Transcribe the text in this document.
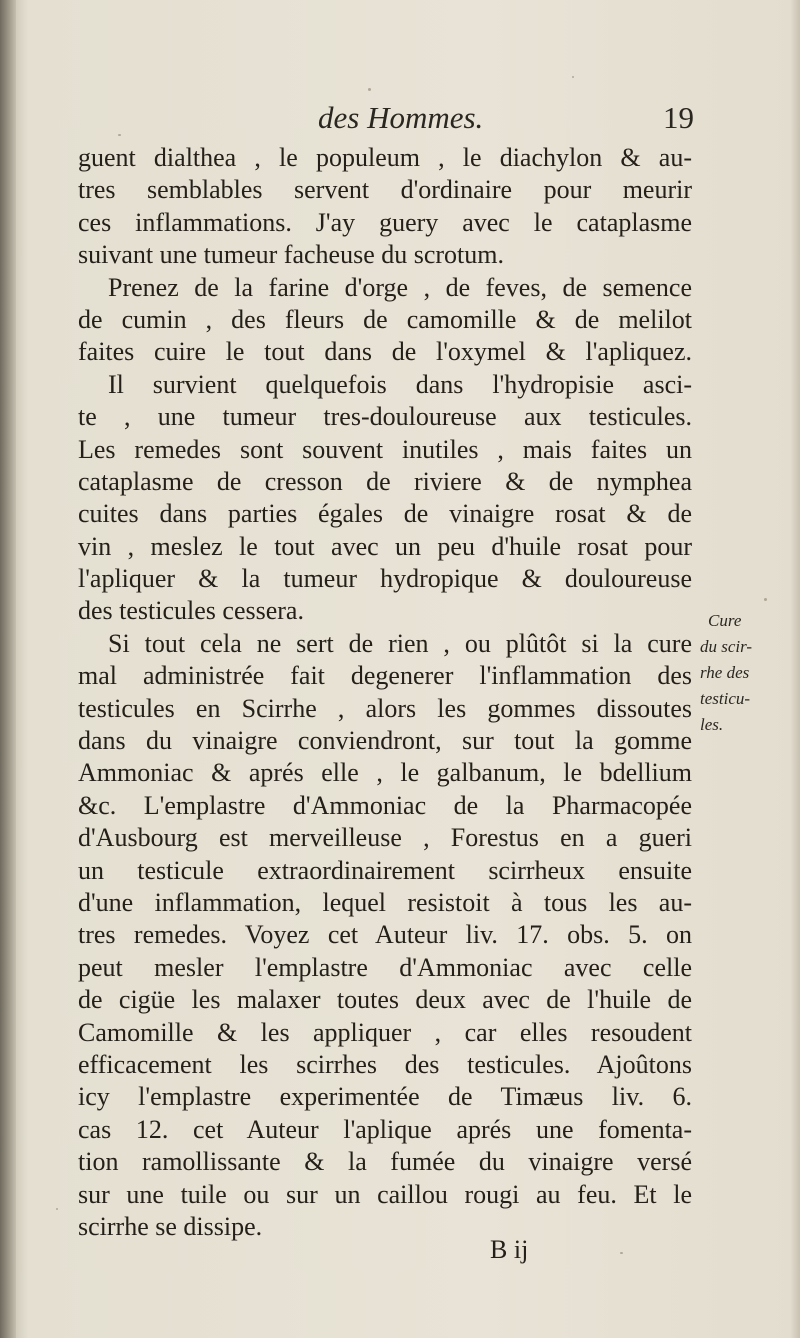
des Hommes.	19
guent dialthea , le populeum , le diachylon & au-
tres semblables servent d'ordinaire pour meurir
ces inflammations. J'ay guery avec le cataplasme
suivant une tumeur facheuse du scrotum.
Prenez de la farine d'orge , de feves, de semence
de cumin , des fleurs de camomille & de melilot
faites cuire le tout dans de l'oxymel & l'apliquez.
Il survient quelquefois dans l'hydropisie asci-
te , une tumeur tres-douloureuse aux testicules.
Les remedes sont souvent inutiles , mais faites un
cataplasme de cresson de riviere & de nymphea
cuites dans parties égales de vinaigre rosat & de
vin , meslez le tout avec un peu d'huile rosat pour
l'apliquer & la tumeur hydropique & douloureuse
des testicules cessera.
Si tout cela ne sert de rien , ou plûtôt si la cure
mal administrée fait degenerer l'inflammation des
testicules en Scirrhe , alors les gommes dissoutes
dans du vinaigre conviendront, sur tout la gomme
Ammoniac & aprés elle , le galbanum, le bdellium
&c. L'emplastre d'Ammoniac de la Pharmacopée
d'Ausbourg est merveilleuse , Forestus en a gueri
un testicule extraordinairement scirrheux ensuite
d'une inflammation, lequel resistoit à tous les au-
tres remedes. Voyez cet Auteur liv. 17. obs. 5. on
peut mesler l'emplastre d'Ammoniac avec celle
de cigüe les malaxer toutes deux avec de l'huile de
Camomille & les appliquer , car elles resoudent
efficacement les scirrhes des testicules. Ajoûtons
icy l'emplastre experimentée de Timæus liv. 6.
cas 12. cet Auteur l'aplique aprés une fomenta-
tion ramollissante & la fumée du vinaigre versé
sur une tuile ou sur un caillou rougi au feu. Et le
scirrhe se dissipe.
Cure
du scir-
rhe des
testicu-
les.
B ij
